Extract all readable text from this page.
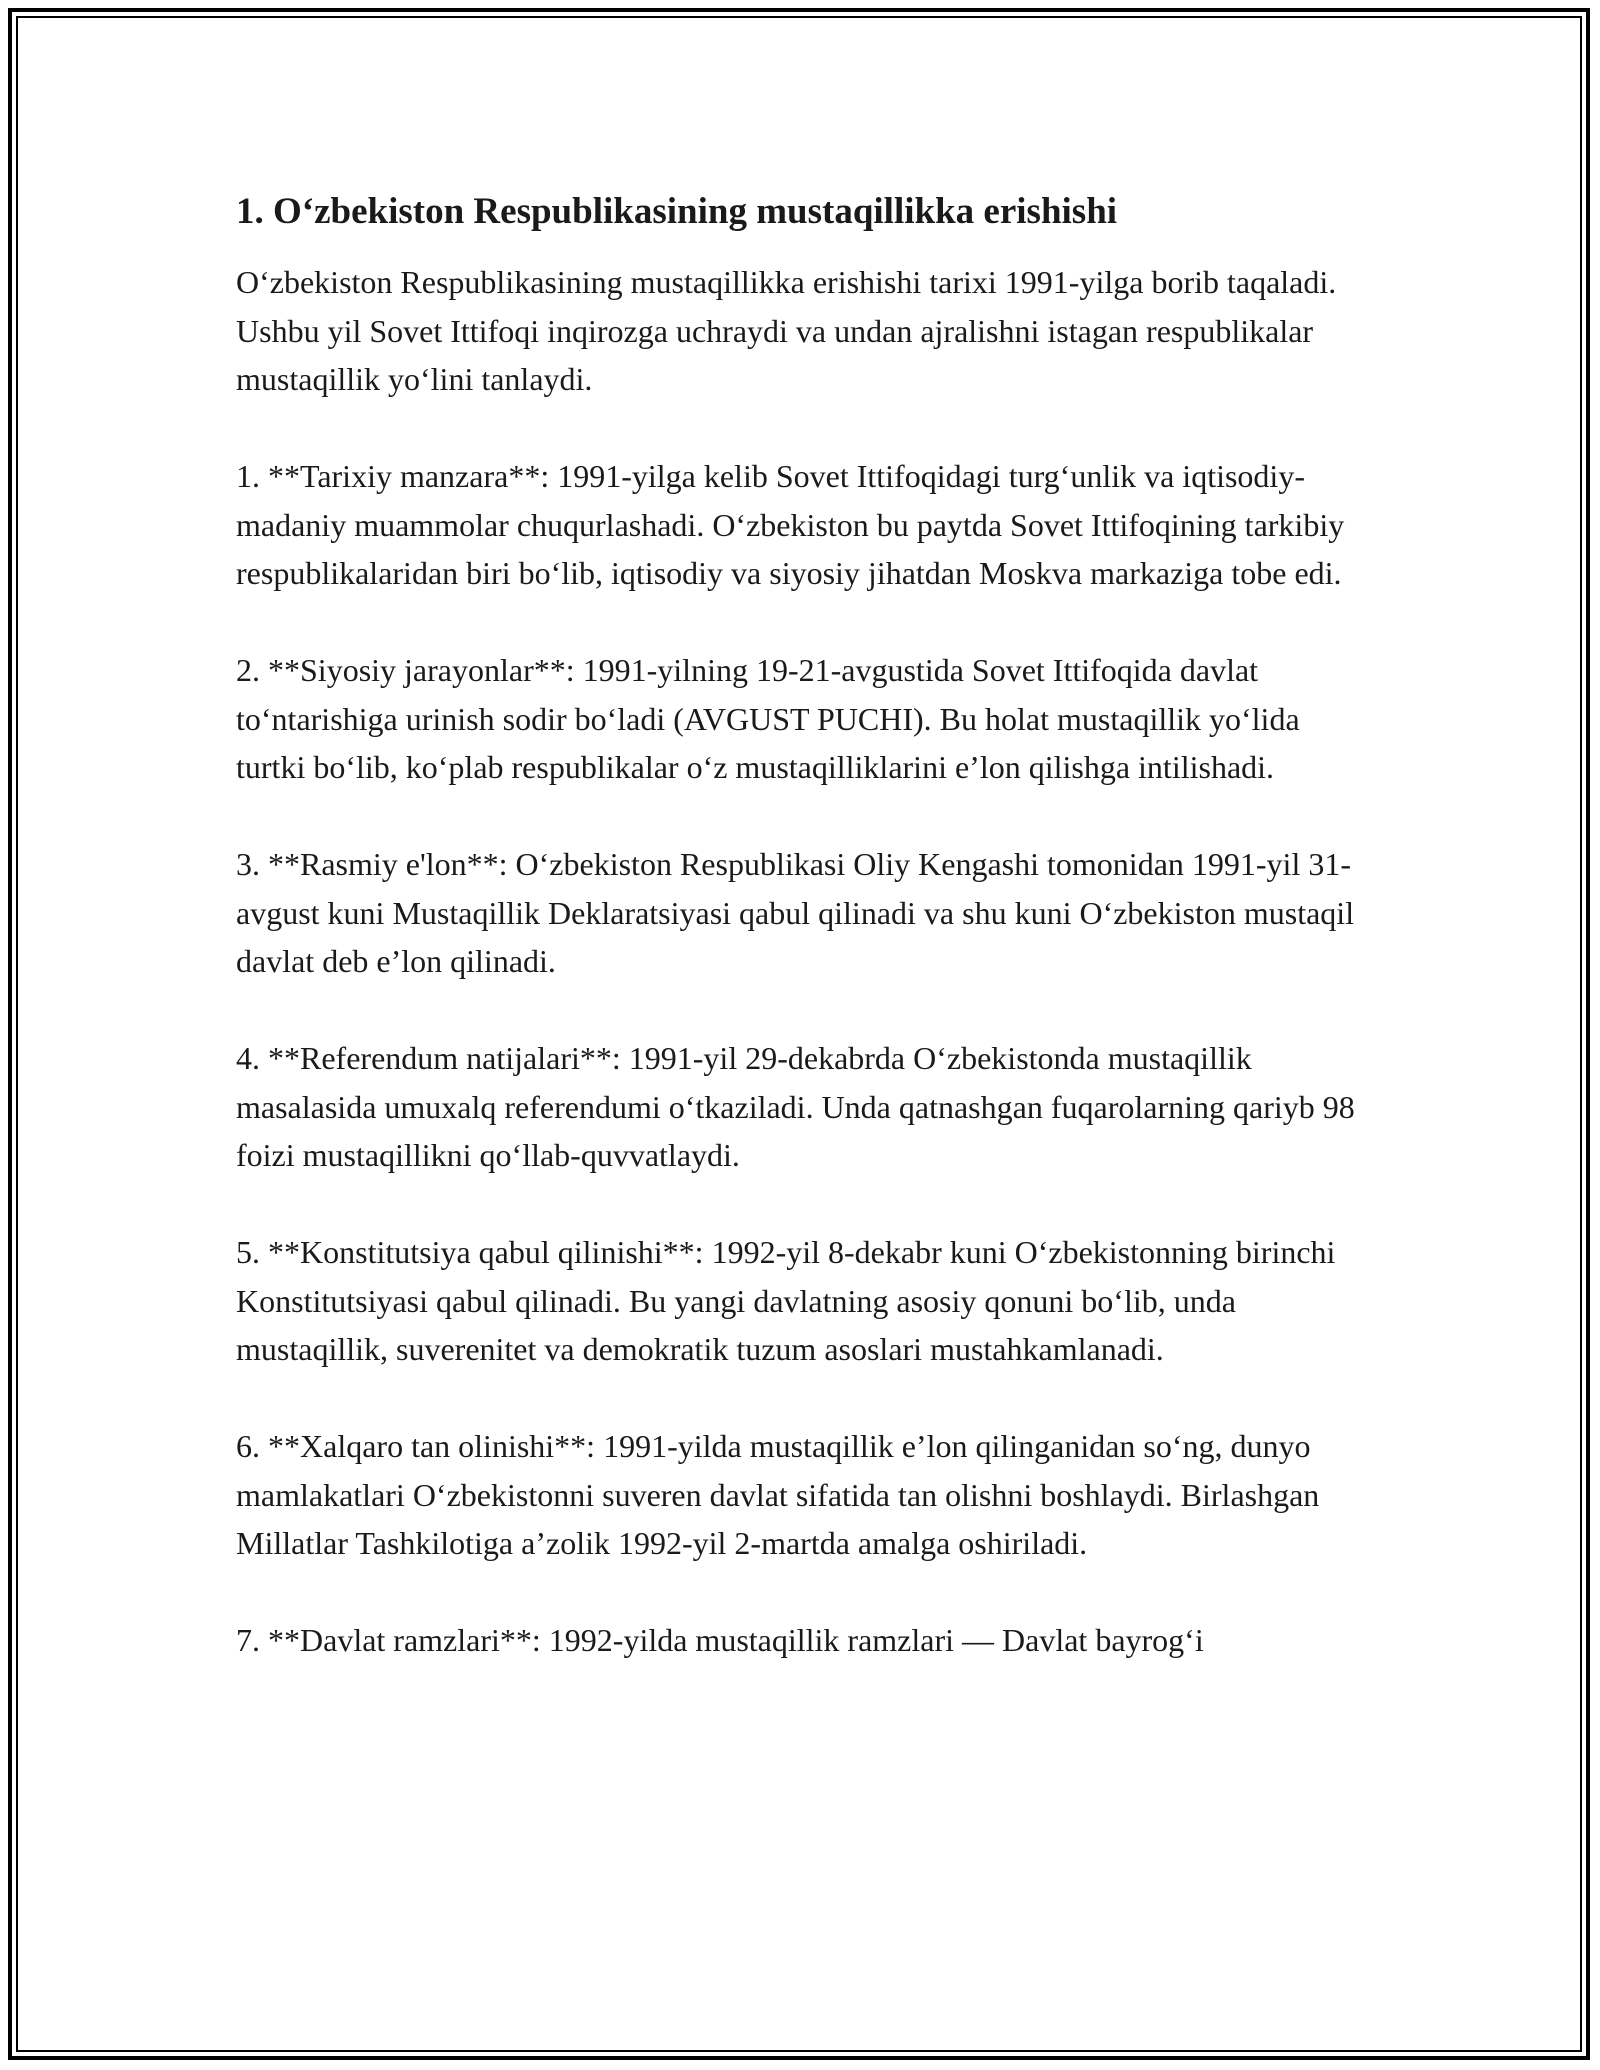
1. O‘zbekiston Respublikasining mustaqillikka erishishi

O‘zbekiston Respublikasining mustaqillikka erishishi tarixi 1991-yilga borib taqaladi. Ushbu yil Sovet Ittifoqi inqirozga uchraydi va undan ajralishni istagan respublikalar mustaqillik yo‘lini tanlaydi.

1. **Tarixiy manzara**: 1991-yilga kelib Sovet Ittifoqidagi turg‘unlik va iqtisodiy-madaniy muammolar chuqurlashadi. O‘zbekiston bu paytda Sovet Ittifoqining tarkibiy respublikalaridan biri bo‘lib, iqtisodiy va siyosiy jihatdan Moskva markaziga tobe edi.

2. **Siyosiy jarayonlar**: 1991-yilning 19-21-avgustida Sovet Ittifoqida davlat to‘ntarishiga urinish sodir bo‘ladi (AVGUST PUCHI). Bu holat mustaqillik yo‘lida turtki bo‘lib, ko‘plab respublikalar o‘z mustaqilliklarini e’lon qilishga intilishadi.

3. **Rasmiy e'lon**: O‘zbekiston Respublikasi Oliy Kengashi tomonidan 1991-yil 31-avgust kuni Mustaqillik Deklaratsiyasi qabul qilinadi va shu kuni O‘zbekiston mustaqil davlat deb e’lon qilinadi.

4. **Referendum natijalari**: 1991-yil 29-dekabrda O‘zbekistonda mustaqillik masalasida umuxalq referendumi o‘tkaziladi. Unda qatnashgan fuqarolarning qariyb 98 foizi mustaqillikni qo‘llab-quvvatlaydi.

5. **Konstitutsiya qabul qilinishi**: 1992-yil 8-dekabr kuni O‘zbekistonning birinchi Konstitutsiyasi qabul qilinadi. Bu yangi davlatning asosiy qonuni bo‘lib, unda mustaqillik, suverenitet va demokratik tuzum asoslari mustahkamlanadi.

6. **Xalqaro tan olinishi**: 1991-yilda mustaqillik e’lon qilinganidan so‘ng, dunyo mamlakatlari O‘zbekistonni suveren davlat sifatida tan olishni boshlaydi. Birlashgan Millatlar Tashkilotiga a’zolik 1992-yil 2-martda amalga oshiriladi.

7. **Davlat ramzlari**: 1992-yilda mustaqillik ramzlari — Davlat bayrog‘i
